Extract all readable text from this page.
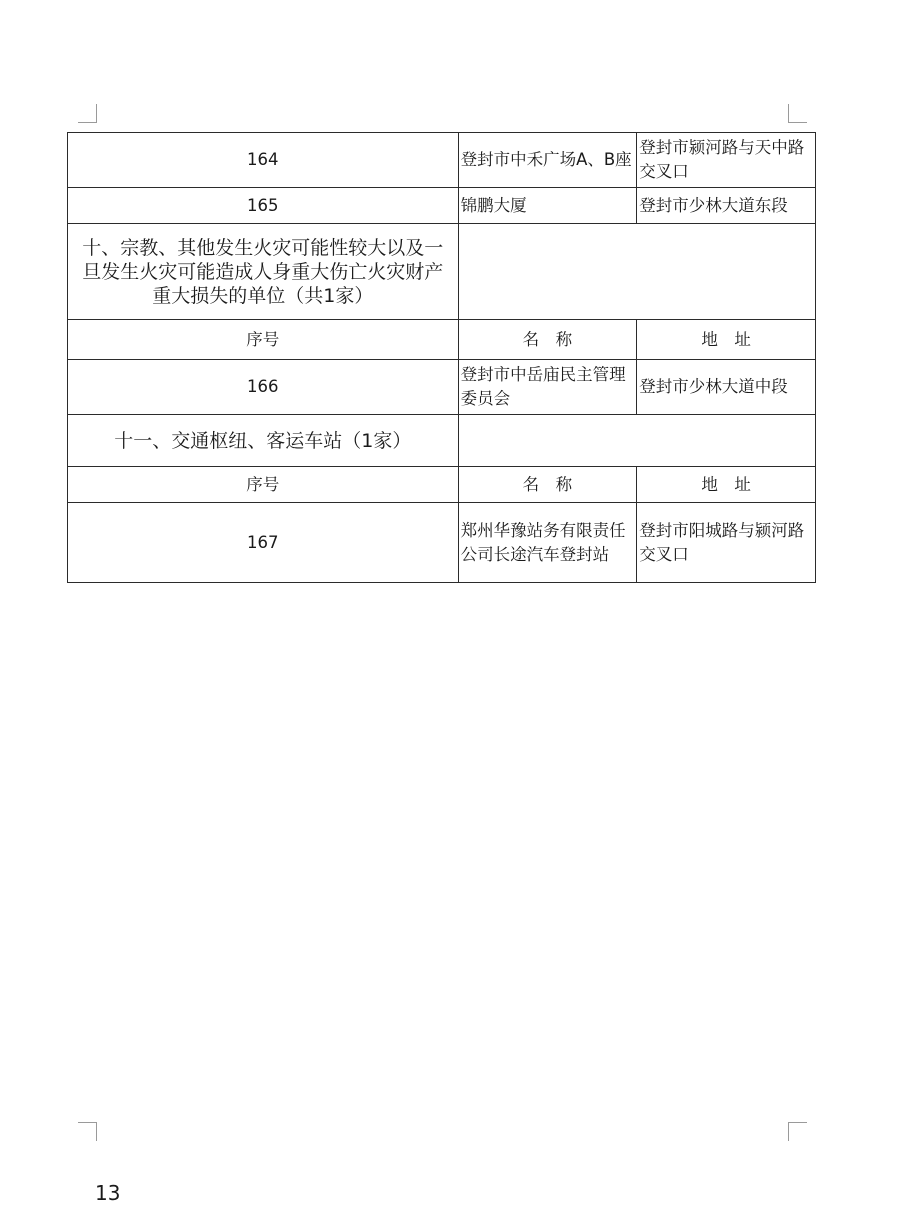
164	登封市中禾广场A、B座	登封市颍河路与天中路交叉口
165	锦鹏大厦	登封市少林大道东段
十、宗教、其他发生火灾可能性较大以及一旦发生火灾可能造成人身重大伤亡火灾财产重大损失的单位（共1家）		
序号	名　称	地　址
166	登封市中岳庙民主管理委员会	登封市少林大道中段
十一、交通枢纽、客运车站（1家）		
序号	名　称	地　址
167	郑州华豫站务有限责任公司长途汽车登封站	登封市阳城路与颍河路交叉口
13
